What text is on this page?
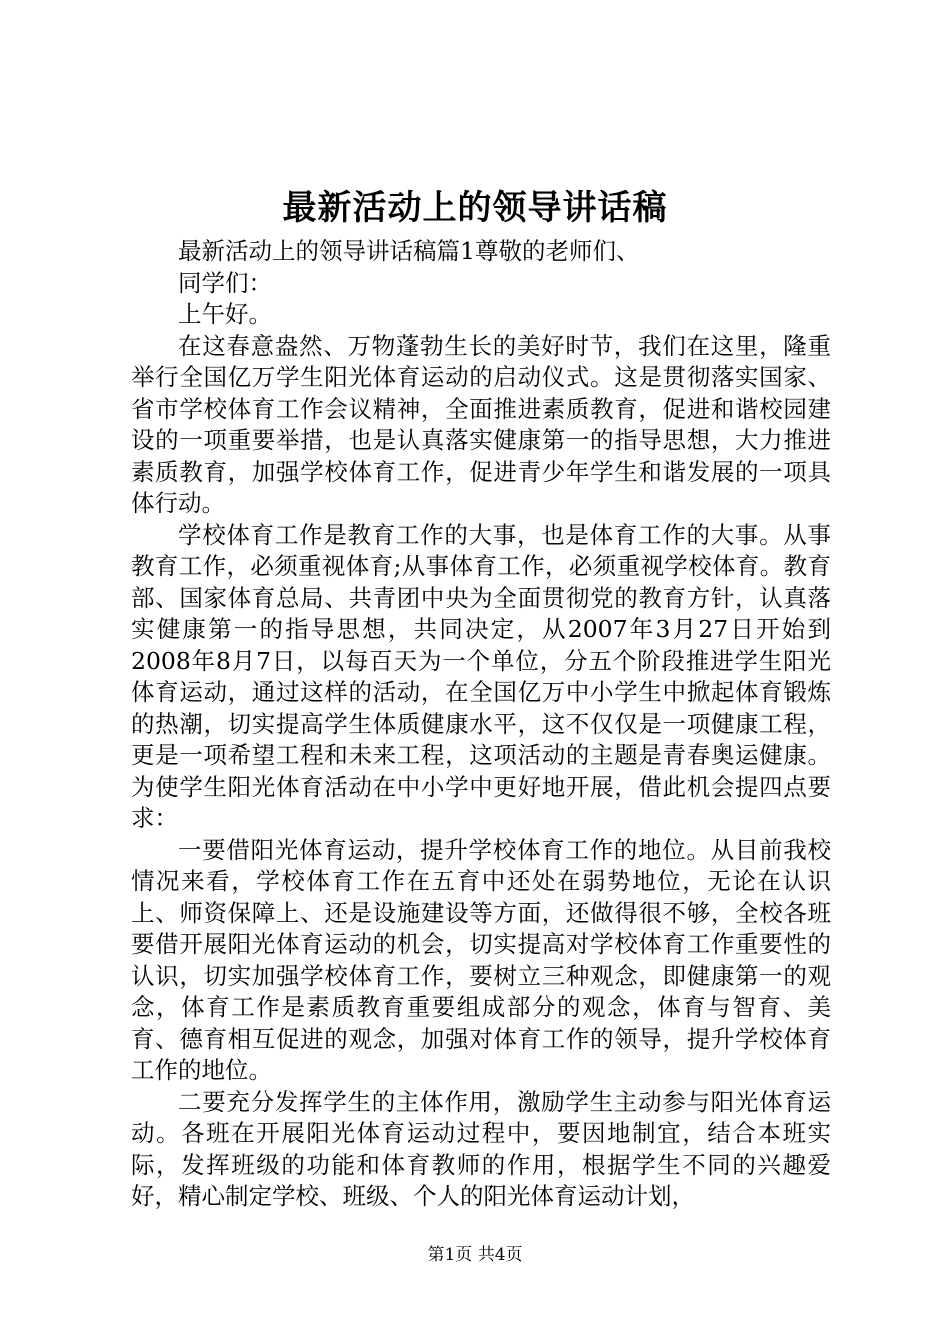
最新活动上的领导讲话稿

最新活动上的领导讲话稿篇1尊敬的老师们、

同学们：

上午好。

在这春意盎然、万物蓬勃生长的美好时节，我们在这里，隆重举行全国亿万学生阳光体育运动的启动仪式。这是贯彻落实国家、省市学校体育工作会议精神，全面推进素质教育，促进和谐校园建设的一项重要举措，也是认真落实健康第一的指导思想，大力推进素质教育，加强学校体育工作，促进青少年学生和谐发展的一项具体行动。

学校体育工作是教育工作的大事，也是体育工作的大事。从事教育工作，必须重视体育;从事体育工作，必须重视学校体育。教育部、国家体育总局、共青团中央为全面贯彻党的教育方针，认真落实健康第一的指导思想，共同决定，从2007年3月27日开始到2008年8月7日，以每百天为一个单位，分五个阶段推进学生阳光体育运动，通过这样的活动，在全国亿万中小学生中掀起体育锻炼的热潮，切实提高学生体质健康水平，这不仅仅是一项健康工程，更是一项希望工程和未来工程，这项活动的主题是青春奥运健康。为使学生阳光体育活动在中小学中更好地开展，借此机会提四点要求：

一要借阳光体育运动，提升学校体育工作的地位。从目前我校情况来看，学校体育工作在五育中还处在弱势地位，无论在认识上、师资保障上、还是设施建设等方面，还做得很不够，全校各班要借开展阳光体育运动的机会，切实提高对学校体育工作重要性的认识，切实加强学校体育工作，要树立三种观念，即健康第一的观念，体育工作是素质教育重要组成部分的观念，体育与智育、美育、德育相互促进的观念，加强对体育工作的领导，提升学校体育工作的地位。

二要充分发挥学生的主体作用，激励学生主动参与阳光体育运动。各班在开展阳光体育运动过程中，要因地制宜，结合本班实际，发挥班级的功能和体育教师的作用，根据学生不同的兴趣爱好，精心制定学校、班级、个人的阳光体育运动计划，

第1页 共4页
